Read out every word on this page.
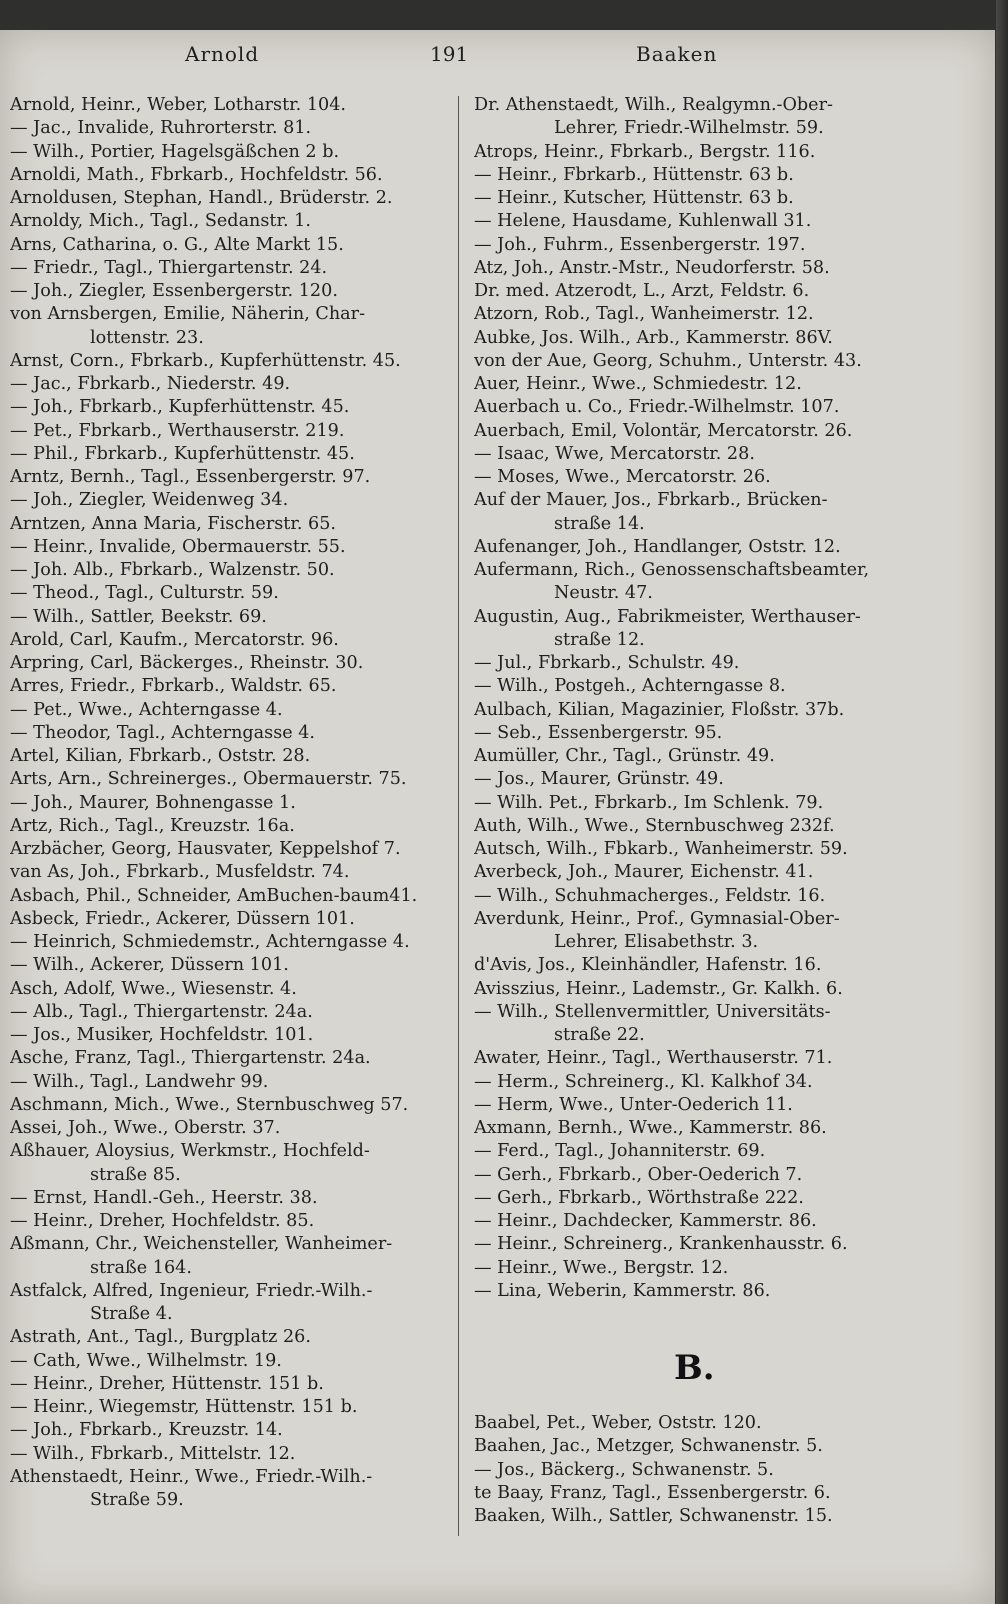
Arnold	191	Baaken
Arnold, Heinr., Weber, Lotharstr. 104.
— Jac., Invalide, Ruhrorterstr. 81.
— Wilh., Portier, Hagelsgäßchen 2 b.
Arnoldi, Math., Fbrkarb., Hochfeldstr. 56.
Arnoldusen, Stephan, Handl., Brüderstr. 2.
Arnoldy, Mich., Tagl., Sedanstr. 1.
Arns, Catharina, o. G., Alte Markt 15.
— Friedr., Tagl., Thiergartenstr. 24.
— Joh., Ziegler, Essenbergerstr. 120.
von Arnsbergen, Emilie, Näherin, Char-
lottenstr. 23.
Arnst, Corn., Fbrkarb., Kupferhüttenstr. 45.
— Jac., Fbrkarb., Niederstr. 49.
— Joh., Fbrkarb., Kupferhüttenstr. 45.
— Pet., Fbrkarb., Werthauserstr. 219.
— Phil., Fbrkarb., Kupferhüttenstr. 45.
Arntz, Bernh., Tagl., Essenbergerstr. 97.
— Joh., Ziegler, Weidenweg 34.
Arntzen, Anna Maria, Fischerstr. 65.
— Heinr., Invalide, Obermauerstr. 55.
— Joh. Alb., Fbrkarb., Walzenstr. 50.
— Theod., Tagl., Culturstr. 59.
— Wilh., Sattler, Beekstr. 69.
Arold, Carl, Kaufm., Mercatorstr. 96.
Arpring, Carl, Bäckerges., Rheinstr. 30.
Arres, Friedr., Fbrkarb., Waldstr. 65.
— Pet., Wwe., Achterngasse 4.
— Theodor, Tagl., Achterngasse 4.
Artel, Kilian, Fbrkarb., Oststr. 28.
Arts, Arn., Schreinerges., Obermauerstr. 75.
— Joh., Maurer, Bohnengasse 1.
Artz, Rich., Tagl., Kreuzstr. 16a.
Arzbächer, Georg, Hausvater, Keppelshof 7.
van As, Joh., Fbrkarb., Musfeldstr. 74.
Asbach, Phil., Schneider, AmBuchen-baum41.
Asbeck, Friedr., Ackerer, Düssern 101.
— Heinrich, Schmiedemstr., Achterngasse 4.
— Wilh., Ackerer, Düssern 101.
Asch, Adolf, Wwe., Wiesenstr. 4.
— Alb., Tagl., Thiergartenstr. 24a.
— Jos., Musiker, Hochfeldstr. 101.
Asche, Franz, Tagl., Thiergartenstr. 24a.
— Wilh., Tagl., Landwehr 99.
Aschmann, Mich., Wwe., Sternbuschweg 57.
Assei, Joh., Wwe., Oberstr. 37.
Aßhauer, Aloysius, Werkmstr., Hochfeld-
straße 85.
— Ernst, Handl.-Geh., Heerstr. 38.
— Heinr., Dreher, Hochfeldstr. 85.
Aßmann, Chr., Weichensteller, Wanheimer-
straße 164.
Astfalck, Alfred, Ingenieur, Friedr.-Wilh.-
Straße 4.
Astrath, Ant., Tagl., Burgplatz 26.
— Cath, Wwe., Wilhelmstr. 19.
— Heinr., Dreher, Hüttenstr. 151 b.
— Heinr., Wiegemstr, Hüttenstr. 151 b.
— Joh., Fbrkarb., Kreuzstr. 14.
— Wilh., Fbrkarb., Mittelstr. 12.
Athenstaedt, Heinr., Wwe., Friedr.-Wilh.-
Straße 59.
Dr. Athenstaedt, Wilh., Realgymn.-Ober-
Lehrer, Friedr.-Wilhelmstr. 59.
Atrops, Heinr., Fbrkarb., Bergstr. 116.
— Heinr., Fbrkarb., Hüttenstr. 63 b.
— Heinr., Kutscher, Hüttenstr. 63 b.
— Helene, Hausdame, Kuhlenwall 31.
— Joh., Fuhrm., Essenbergerstr. 197.
Atz, Joh., Anstr.-Mstr., Neudorferstr. 58.
Dr. med. Atzerodt, L., Arzt, Feldstr. 6.
Atzorn, Rob., Tagl., Wanheimerstr. 12.
Aubke, Jos. Wilh., Arb., Kammerstr. 86V.
von der Aue, Georg, Schuhm., Unterstr. 43.
Auer, Heinr., Wwe., Schmiedestr. 12.
Auerbach u. Co., Friedr.-Wilhelmstr. 107.
Auerbach, Emil, Volontär, Mercatorstr. 26.
— Isaac, Wwe, Mercatorstr. 28.
— Moses, Wwe., Mercatorstr. 26.
Auf der Mauer, Jos., Fbrkarb., Brücken-
straße 14.
Aufenanger, Joh., Handlanger, Oststr. 12.
Aufermann, Rich., Genossenschaftsbeamter,
Neustr. 47.
Augustin, Aug., Fabrikmeister, Werthauser-
straße 12.
— Jul., Fbrkarb., Schulstr. 49.
— Wilh., Postgeh., Achterngasse 8.
Aulbach, Kilian, Magazinier, Floßstr. 37b.
— Seb., Essenbergerstr. 95.
Aumüller, Chr., Tagl., Grünstr. 49.
— Jos., Maurer, Grünstr. 49.
— Wilh. Pet., Fbrkarb., Im Schlenk. 79.
Auth, Wilh., Wwe., Sternbuschweg 232f.
Autsch, Wilh., Fbkarb., Wanheimerstr. 59.
Averbeck, Joh., Maurer, Eichenstr. 41.
— Wilh., Schuhmacherges., Feldstr. 16.
Averdunk, Heinr., Prof., Gymnasial-Ober-
Lehrer, Elisabethstr. 3.
d'Avis, Jos., Kleinhändler, Hafenstr. 16.
Avisszius, Heinr., Lademstr., Gr. Kalkh. 6.
— Wilh., Stellenvermittler, Universitäts-
straße 22.
Awater, Heinr., Tagl., Werthauserstr. 71.
— Herm., Schreinerg., Kl. Kalkhof 34.
— Herm, Wwe., Unter-Oederich 11.
Axmann, Bernh., Wwe., Kammerstr. 86.
— Ferd., Tagl., Johanniterstr. 69.
— Gerh., Fbrkarb., Ober-Oederich 7.
— Gerh., Fbrkarb., Wörthstraße 222.
— Heinr., Dachdecker, Kammerstr. 86.
— Heinr., Schreinerg., Krankenhausstr. 6.
— Heinr., Wwe., Bergstr. 12.
— Lina, Weberin, Kammerstr. 86.
B.
Baabel, Pet., Weber, Oststr. 120.
Baahen, Jac., Metzger, Schwanenstr. 5.
— Jos., Bäckerg., Schwanenstr. 5.
te Baay, Franz, Tagl., Essenbergerstr. 6.
Baaken, Wilh., Sattler, Schwanenstr. 15.
